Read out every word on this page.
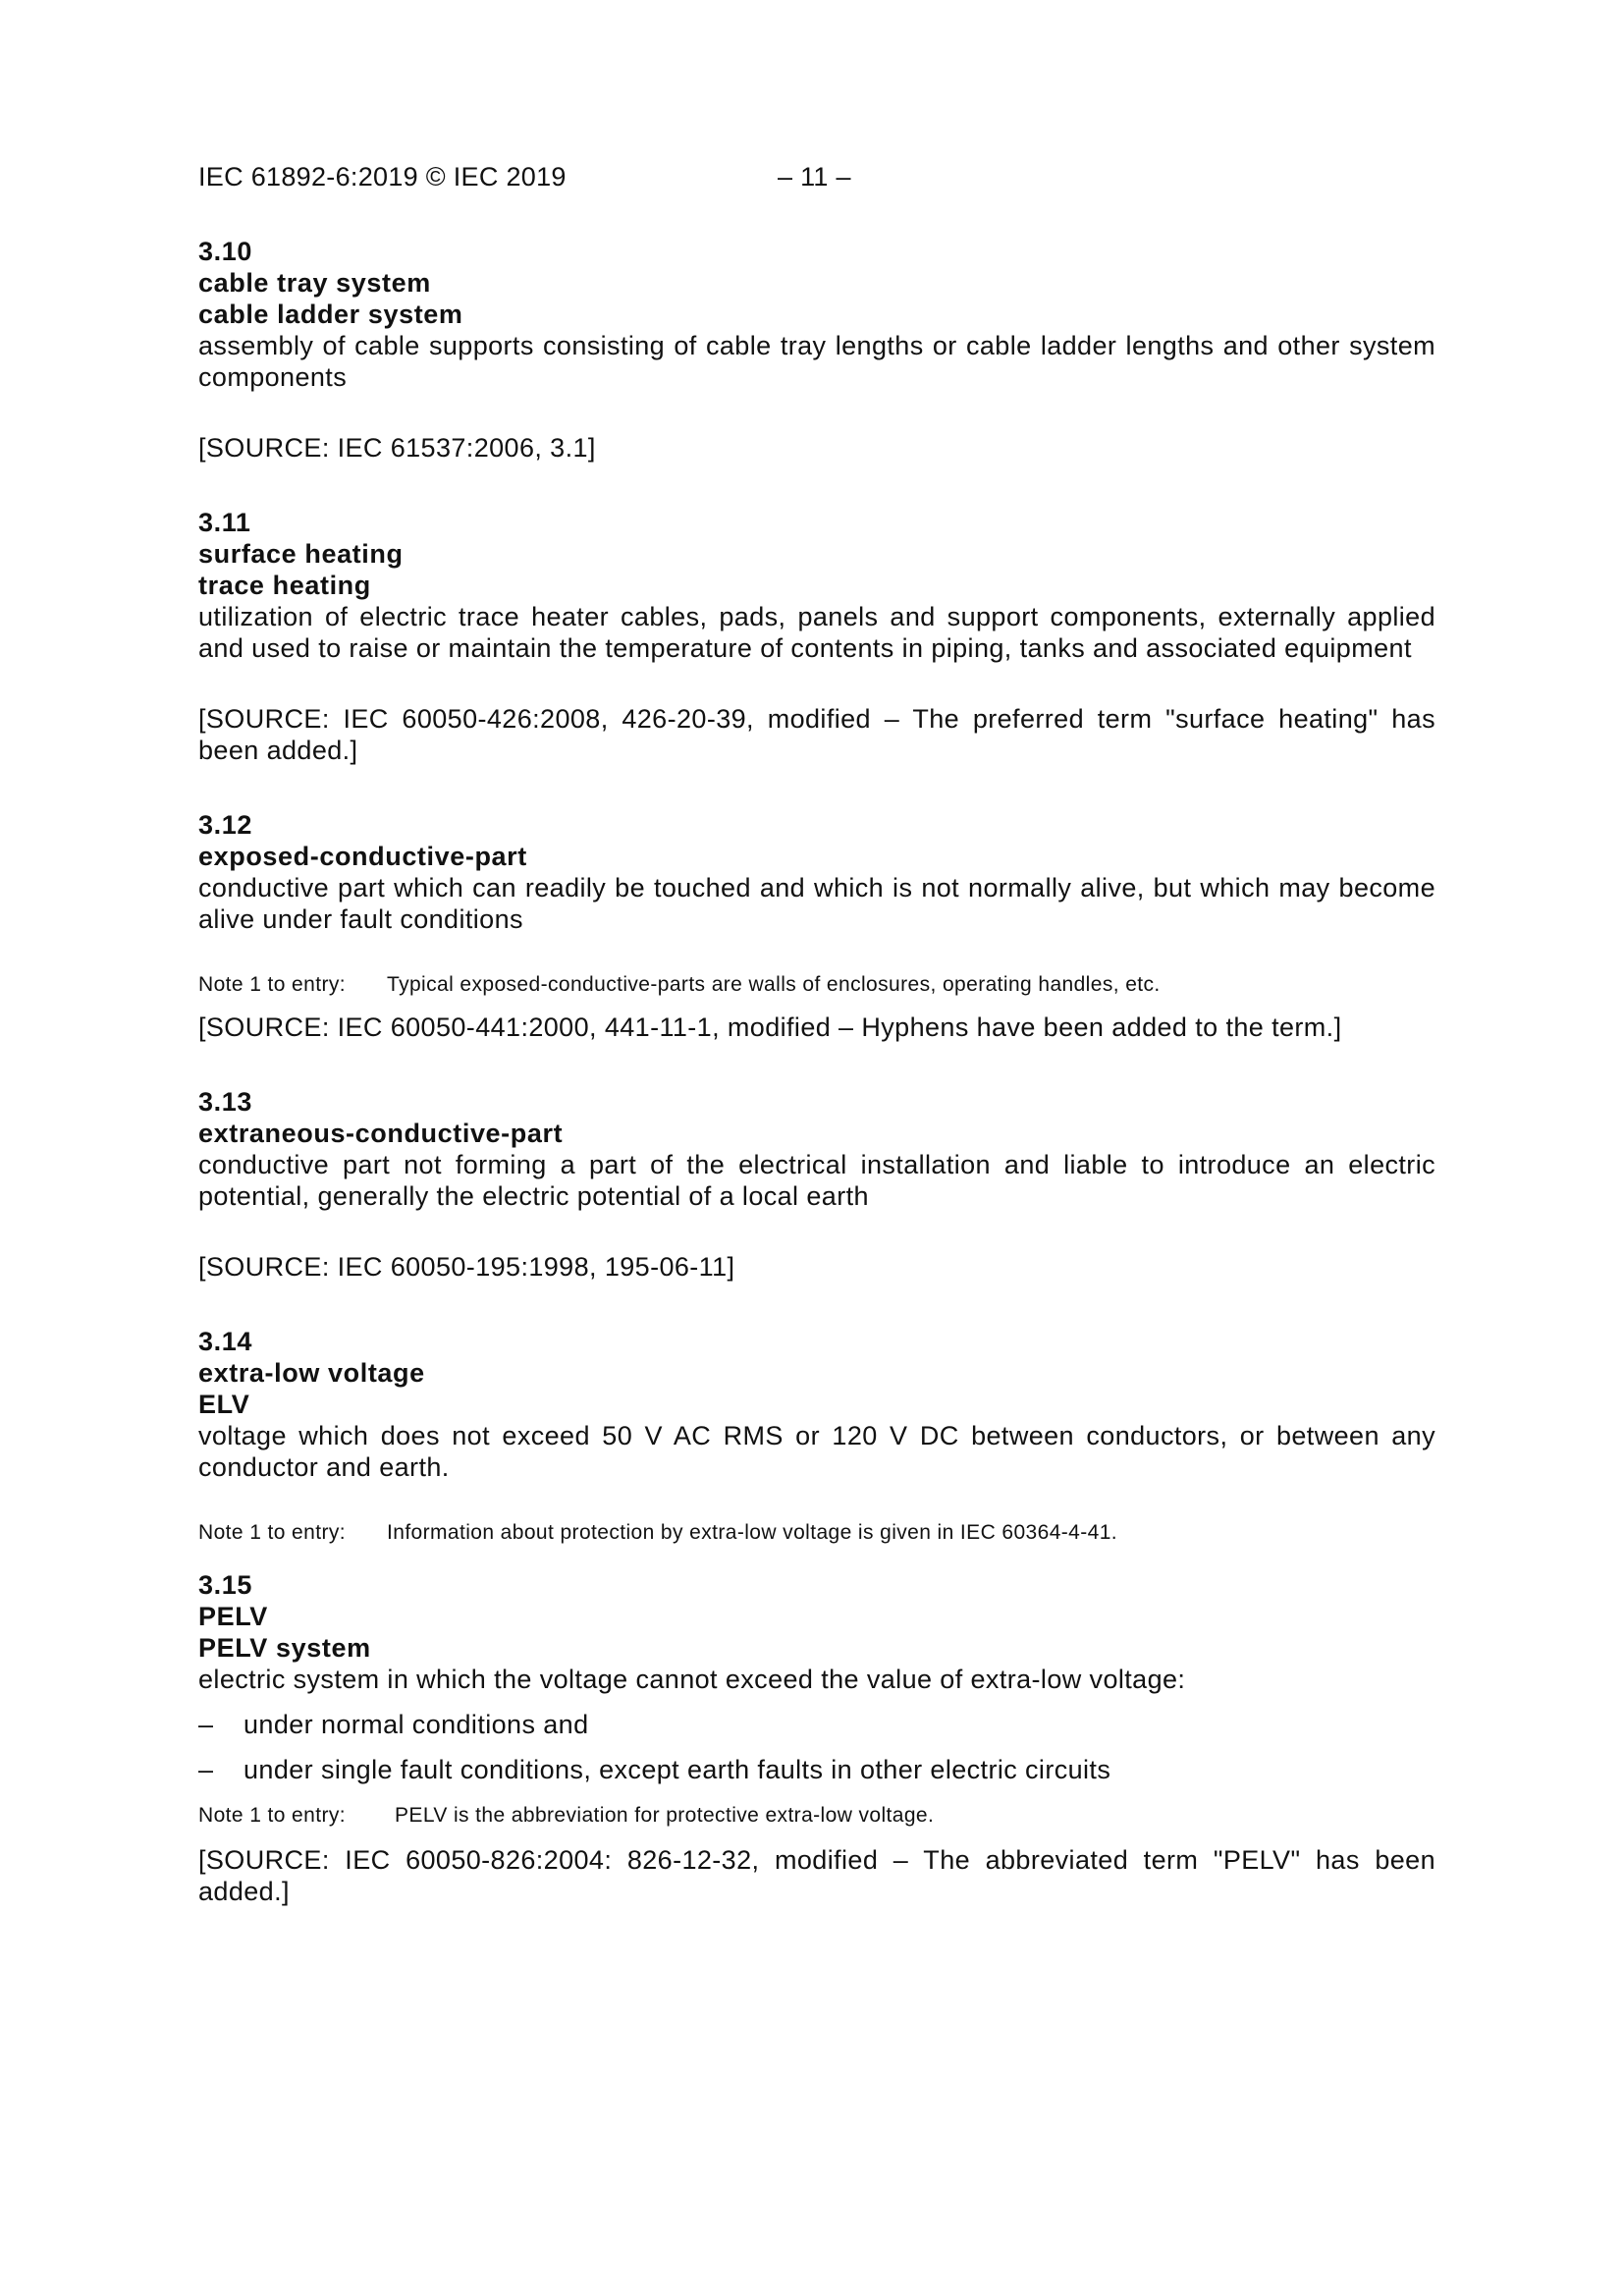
IEC 61892-6:2019 © IEC 2019	– 11 –

3.10

cable tray system

cable ladder system

assembly of cable supports consisting of cable tray lengths or cable ladder lengths and other system components

[SOURCE: IEC 61537:2006, 3.1]

3.11

surface heating

trace heating

utilization of electric trace heater cables, pads, panels and support components, externally applied and used to raise or maintain the temperature of contents in piping, tanks and associated equipment

[SOURCE: IEC 60050-426:2008, 426-20-39, modified – The preferred term "surface heating" has been added.]

3.12

exposed-conductive-part

conductive part which can readily be touched and which is not normally alive, but which may become alive under fault conditions

Note 1 to entry: Typical exposed-conductive-parts are walls of enclosures, operating handles, etc.

[SOURCE: IEC 60050-441:2000, 441-11-1, modified – Hyphens have been added to the term.]

3.13

extraneous-conductive-part

conductive part not forming a part of the electrical installation and liable to introduce an electric potential, generally the electric potential of a local earth

[SOURCE: IEC 60050-195:1998, 195-06-11]

3.14

extra-low voltage

ELV

voltage which does not exceed 50 V AC RMS or 120 V DC between conductors, or between any conductor and earth.

Note 1 to entry: Information about protection by extra-low voltage is given in IEC 60364-4-41.

3.15

PELV

PELV system

electric system in which the voltage cannot exceed the value of extra-low voltage:

– under normal conditions and

– under single fault conditions, except earth faults in other electric circuits

Note 1 to entry: PELV is the abbreviation for protective extra-low voltage.

[SOURCE: IEC 60050-826:2004: 826-12-32, modified – The abbreviated term "PELV" has been added.]
